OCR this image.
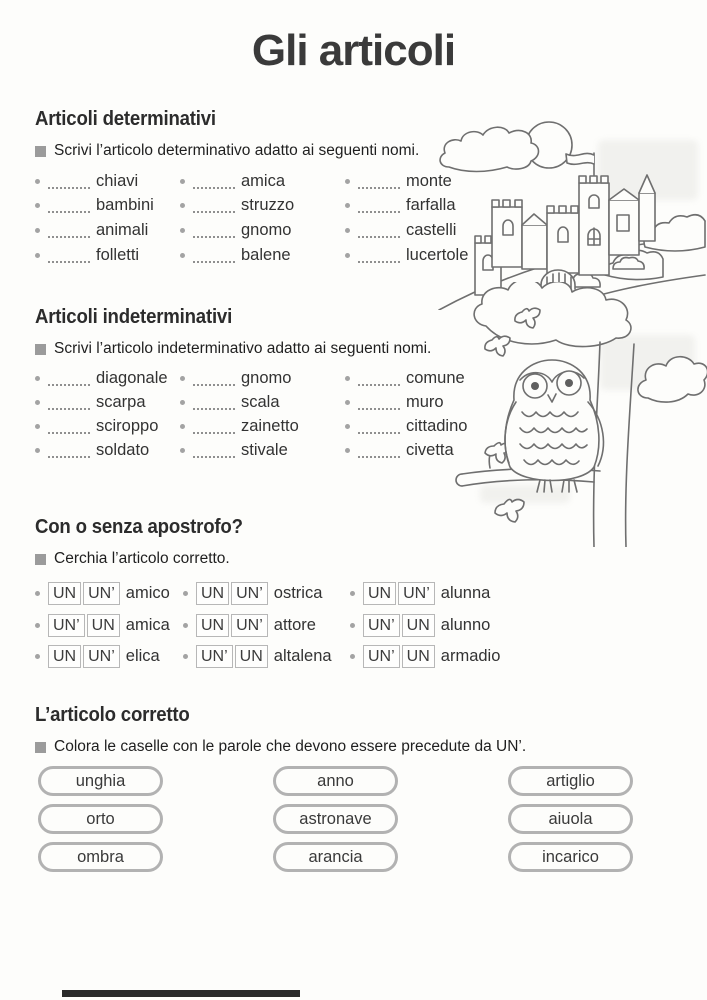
Gli articoli
Articoli determinativi
Scrivi l’articolo determinativo adatto ai seguenti nomi.
chiavi
bambini
animali
folletti
amica
struzzo
gnomo
balene
monte
farfalla
castelli
lucertole
Articoli indeterminativi
Scrivi l’articolo indeterminativo adatto ai seguenti nomi.
diagonale
scarpa
sciroppo
soldato
gnomo
scala
zainetto
stivale
comune
muro
cittadino
civetta
Con o senza apostrofo?
Cerchia l’articolo corretto.
UN UN’ amico
UN’ UN amica
UN UN’ elica
UN UN’ ostrica
UN UN’ attore
UN’ UN altalena
UN UN’ alunna
UN’ UN alunno
UN’ UN armadio
L’articolo corretto
Colora le caselle con le parole che devono essere precedute da UN’.
unghia
orto
ombra
anno
astronave
arancia
artiglio
aiuola
incarico
